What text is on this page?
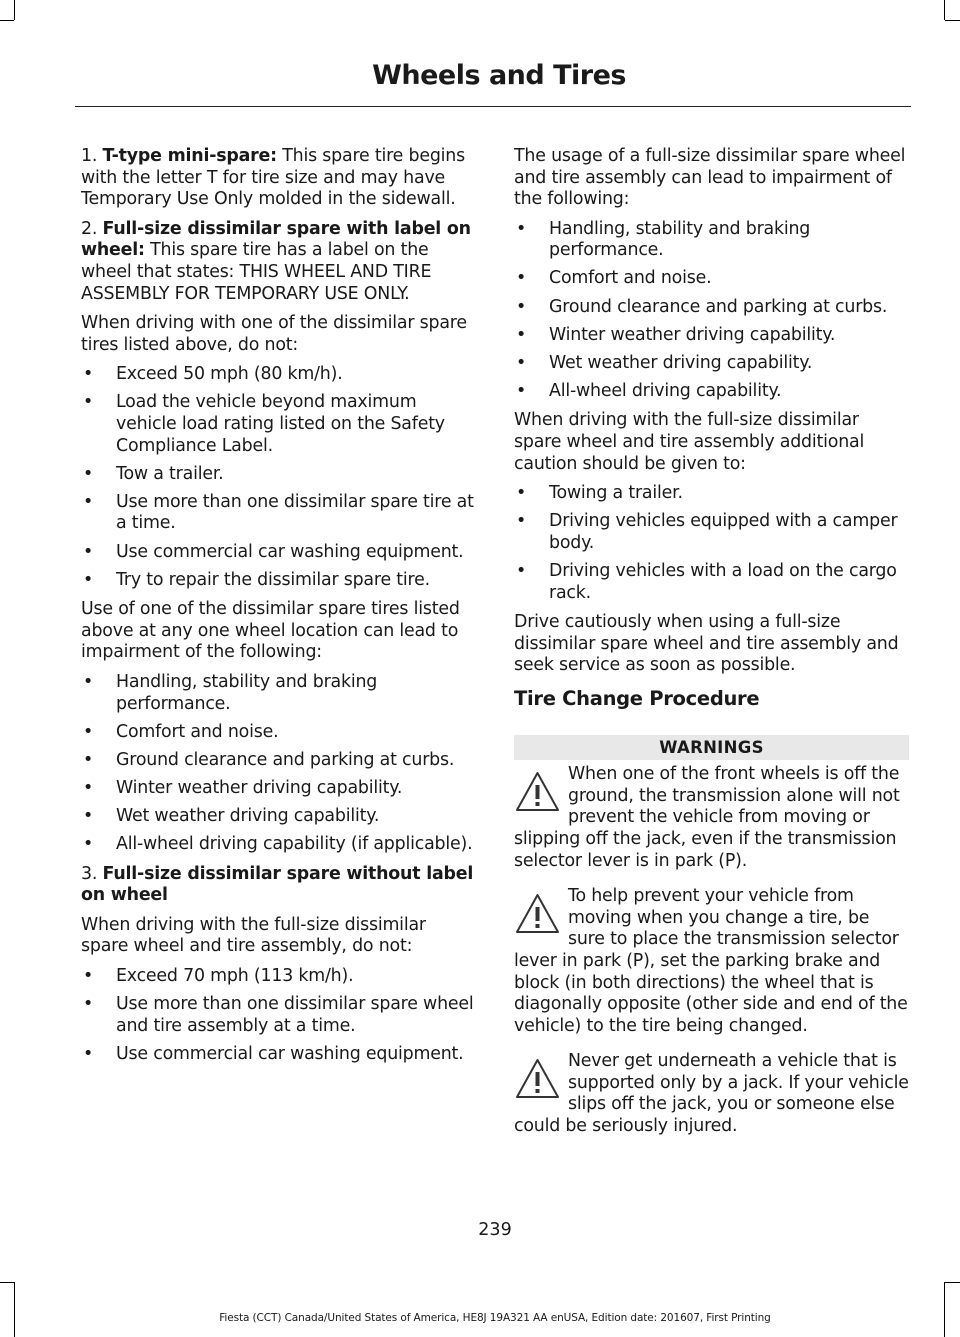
Wheels and Tires

1. T-type mini-spare: This spare tire begins with the letter T for tire size and may have Temporary Use Only molded in the sidewall.

2. Full-size dissimilar spare with label on wheel: This spare tire has a label on the wheel that states: THIS WHEEL AND TIRE ASSEMBLY FOR TEMPORARY USE ONLY.

When driving with one of the dissimilar spare tires listed above, do not:

• Exceed 50 mph (80 km/h).
• Load the vehicle beyond maximum vehicle load rating listed on the Safety Compliance Label.
• Tow a trailer.
• Use more than one dissimilar spare tire at a time.
• Use commercial car washing equipment.
• Try to repair the dissimilar spare tire.

Use of one of the dissimilar spare tires listed above at any one wheel location can lead to impairment of the following:

• Handling, stability and braking performance.
• Comfort and noise.
• Ground clearance and parking at curbs.
• Winter weather driving capability.
• Wet weather driving capability.
• All-wheel driving capability (if applicable).

3. Full-size dissimilar spare without label on wheel

When driving with the full-size dissimilar spare wheel and tire assembly, do not:

• Exceed 70 mph (113 km/h).
• Use more than one dissimilar spare wheel and tire assembly at a time.
• Use commercial car washing equipment.

The usage of a full-size dissimilar spare wheel and tire assembly can lead to impairment of the following:

• Handling, stability and braking performance.
• Comfort and noise.
• Ground clearance and parking at curbs.
• Winter weather driving capability.
• Wet weather driving capability.
• All-wheel driving capability.

When driving with the full-size dissimilar spare wheel and tire assembly additional caution should be given to:

• Towing a trailer.
• Driving vehicles equipped with a camper body.
• Driving vehicles with a load on the cargo rack.

Drive cautiously when using a full-size dissimilar spare wheel and tire assembly and seek service as soon as possible.

Tire Change Procedure
WARNINGS
When one of the front wheels is off the ground, the transmission alone will not prevent the vehicle from moving or slipping off the jack, even if the transmission selector lever is in park (P).
To help prevent your vehicle from moving when you change a tire, be sure to place the transmission selector lever in park (P), set the parking brake and block (in both directions) the wheel that is diagonally opposite (other side and end of the vehicle) to the tire being changed.
Never get underneath a vehicle that is supported only by a jack. If your vehicle slips off the jack, you or someone else could be seriously injured.
239
Fiesta (CCT) Canada/United States of America, HE8J 19A321 AA enUSA, Edition date: 201607, First Printing
